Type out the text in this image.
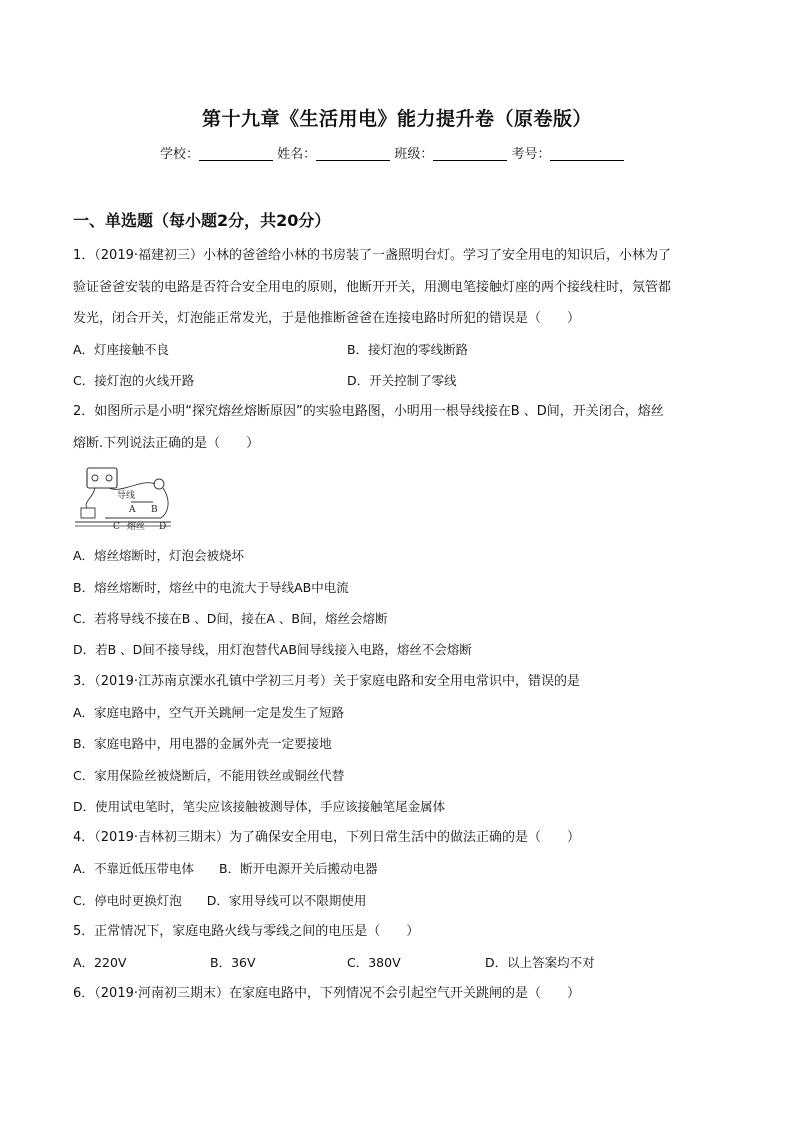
第十九章《生活用电》能力提升卷（原卷版）
学校：	姓名：	班级：	考号：
一、单选题（每小题2分，共20分）
1．（2019·福建初三）小林的爸爸给小林的书房装了一盏照明台灯。学习了安全用电的知识后，小林为了
验证爸爸安装的电路是否符合安全用电的原则，他断开开关，用测电笔接触灯座的两个接线柱时，氖管都
发光，闭合开关，灯泡能正常发光，于是他推断爸爸在连接电路时所犯的错误是（　　）
A．灯座接触不良	B．接灯泡的零线断路
C．接灯泡的火线开路	D．开关控制了零线
2．如图所示是小明“探究熔丝熔断原因”的实验电路图，小明用一根导线接在B 、D间，开关闭合，熔丝
熔断.下列说法正确的是（　　）
导线
A B
C 熔丝 D
A．熔丝熔断时，灯泡会被烧坏
B．熔丝熔断时，熔丝中的电流大于导线AB中电流
C．若将导线不接在B 、D间，接在A 、B间，熔丝会熔断
D．若B 、D间不接导线，用灯泡替代AB间导线接入电路，熔丝不会熔断
3．（2019·江苏南京溧水孔镇中学初三月考）关于家庭电路和安全用电常识中，错误的是
A．家庭电路中，空气开关跳闸一定是发生了短路
B．家庭电路中，用电器的金属外壳一定要接地
C．家用保险丝被烧断后，不能用铁丝或铜丝代替
D．使用试电笔时，笔尖应该接触被测导体，手应该接触笔尾金属体
4．（2019·吉林初三期末）为了确保安全用电，下列日常生活中的做法正确的是（　　）
A．不靠近低压带电体　　B．断开电源开关后搬动电器
C．停电时更换灯泡　　D．家用导线可以不限期使用
5．正常情况下，家庭电路火线与零线之间的电压是（　　）
A．220V	B．36V	C．380V	D．以上答案均不对
6．（2019·河南初三期末）在家庭电路中，下列情况不会引起空气开关跳闸的是（　　）
